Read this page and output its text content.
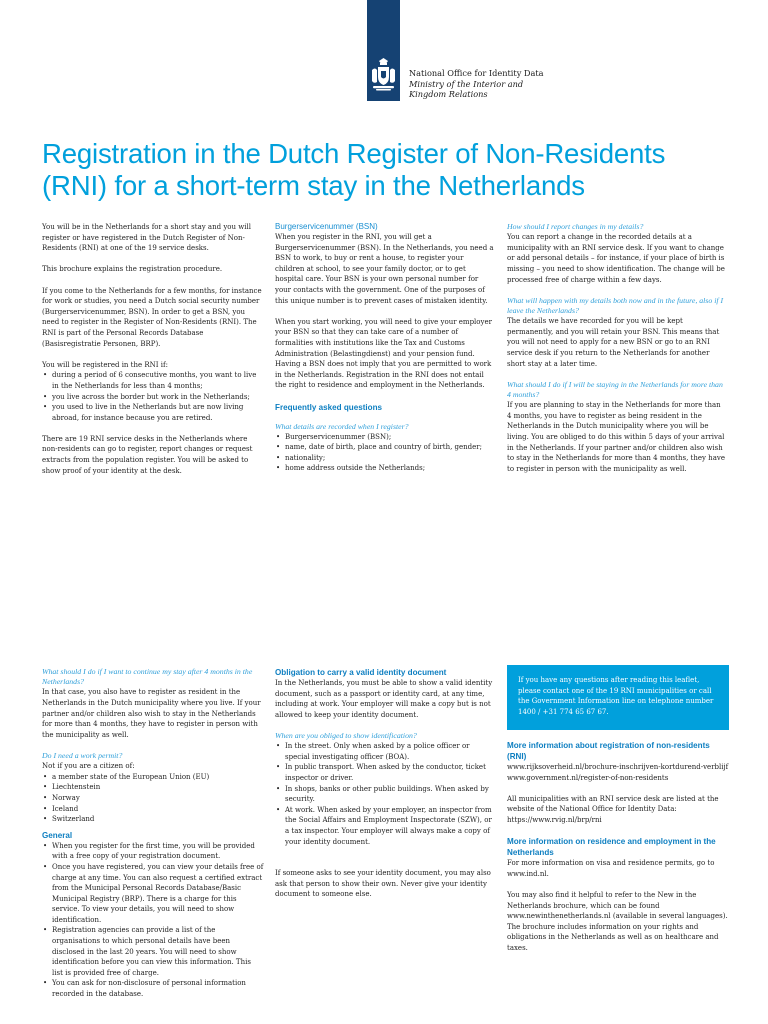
National Office for Identity Data
Ministry of the Interior and
Kingdom Relations
Registration in the Dutch Register of Non-Residents
(RNI) for a short-term stay in the Netherlands

You will be in the Netherlands for a short stay and you will register or have registered in the Dutch Register of Non-Residents (RNI) at one of the 19 service desks.

This brochure explains the registration procedure.

If you come to the Netherlands for a few months, for instance for work or studies, you need a Dutch social security number (Burgerservicenummer, BSN). In order to get a BSN, you need to register in the Register of Non-Residents (RNI). The RNI is part of the Personal Records Database (Basisregistratie Personen, BRP).

You will be registered in the RNI if:

• during a period of 6 consecutive months, you want to live in the Netherlands for less than 4 months;
• you live across the border but work in the Netherlands;
• you used to live in the Netherlands but are now living abroad, for instance because you are retired.

There are 19 RNI service desks in the Netherlands where non-residents can go to register, report changes or request extracts from the population register. You will be asked to show proof of your identity at the desk.

Burgerservicenummer (BSN)

When you register in the RNI, you will get a Burgerservicenummer (BSN). In the Netherlands, you need a BSN to work, to buy or rent a house, to register your children at school, to see your family doctor, or to get hospital care. Your BSN is your own personal number for your contacts with the government. One of the purposes of this unique number is to prevent cases of mistaken identity.

When you start working, you will need to give your employer your BSN so that they can take care of a number of formalities with institutions like the Tax and Customs Administration (Belastingdienst) and your pension fund. Having a BSN does not imply that you are permitted to work in the Netherlands. Registration in the RNI does not entail the right to residence and employment in the Netherlands.

Frequently asked questions
What details are recorded when I register?
• Burgerservicenummer (BSN);
• name, date of birth, place and country of birth, gender;
• nationality;
• home address outside the Netherlands;
How should I report changes in my details?

You can report a change in the recorded details at a municipality with an RNI service desk. If you want to change or add personal details – for instance, if your place of birth is missing – you need to show identification. The change will be processed free of charge within a few days.

What will happen with my details both now and in the future, also if I leave the Netherlands?

The details we have recorded for you will be kept permanently, and you will retain your BSN. This means that you will not need to apply for a new BSN or go to an RNI service desk if you return to the Netherlands for another short stay at a later time.

What should I do if I will be staying in the Netherlands for more than 4 months?

If you are planning to stay in the Netherlands for more than 4 months, you have to register as being resident in the Netherlands in the Dutch municipality where you will be living. You are obliged to do this within 5 days of your arrival in the Netherlands. If your partner and/or children also wish to stay in the Netherlands for more than 4 months, they have to register in person with the municipality as well.

What should I do if I want to continue my stay after 4 months in the Netherlands?

In that case, you also have to register as resident in the Netherlands in the Dutch municipality where you live. If your partner and/or children also wish to stay in the Netherlands for more than 4 months, they have to register in person with the municipality as well.

Do I need a work permit?

Not if you are a citizen of:

• a member state of the European Union (EU)
• Liechtenstein
• Norway
• Iceland
• Switzerland
General
• When you register for the first time, you will be provided with a free copy of your registration document.
• Once you have registered, you can view your details free of charge at any time. You can also request a certified extract from the Municipal Personal Records Database/Basic Municipal Registry (BRP). There is a charge for this service. To view your details, you will need to show identification.
• Registration agencies can provide a list of the organisations to which personal details have been disclosed in the last 20 years. You will need to show identification before you can view this information. This list is provided free of charge.
• You can ask for non-disclosure of personal information recorded in the database.
Obligation to carry a valid identity document

In the Netherlands, you must be able to show a valid identity document, such as a passport or identity card, at any time, including at work. Your employer will make a copy but is not allowed to keep your identity document.

When are you obliged to show identification?
• In the street. Only when asked by a police officer or special investigating officer (BOA).
• In public transport. When asked by the conductor, ticket inspector or driver.
• In shops, banks or other public buildings. When asked by security.
• At work. When asked by your employer, an inspector from the Social Affairs and Employment Inspectorate (SZW), or a tax inspector. Your employer will always make a copy of your identity document.

If someone asks to see your identity document, you may also ask that person to show their own. Never give your identity document to someone else.

If you have any questions after reading this leaflet, please contact one of the 19 RNI municipalities or call the Government Information line on telephone number 1400 / +31 774 65 67 67.
More information about registration of non-residents (RNI)
www.rijksoverheid.nl/brochure-inschrijven-kortdurend-verblijf
www.government.nl/register-of-non-residents

All municipalities with an RNI service desk are listed at the website of the National Office for Identity Data: https://www.rvig.nl/brp/rni

More information on residence and employment in the Netherlands

For more information on visa and residence permits, go to www.ind.nl.

You may also find it helpful to refer to the New in the Netherlands brochure, which can be found www.newinthenetherlands.nl (available in several languages). The brochure includes information on your rights and obligations in the Netherlands as well as on healthcare and taxes.
